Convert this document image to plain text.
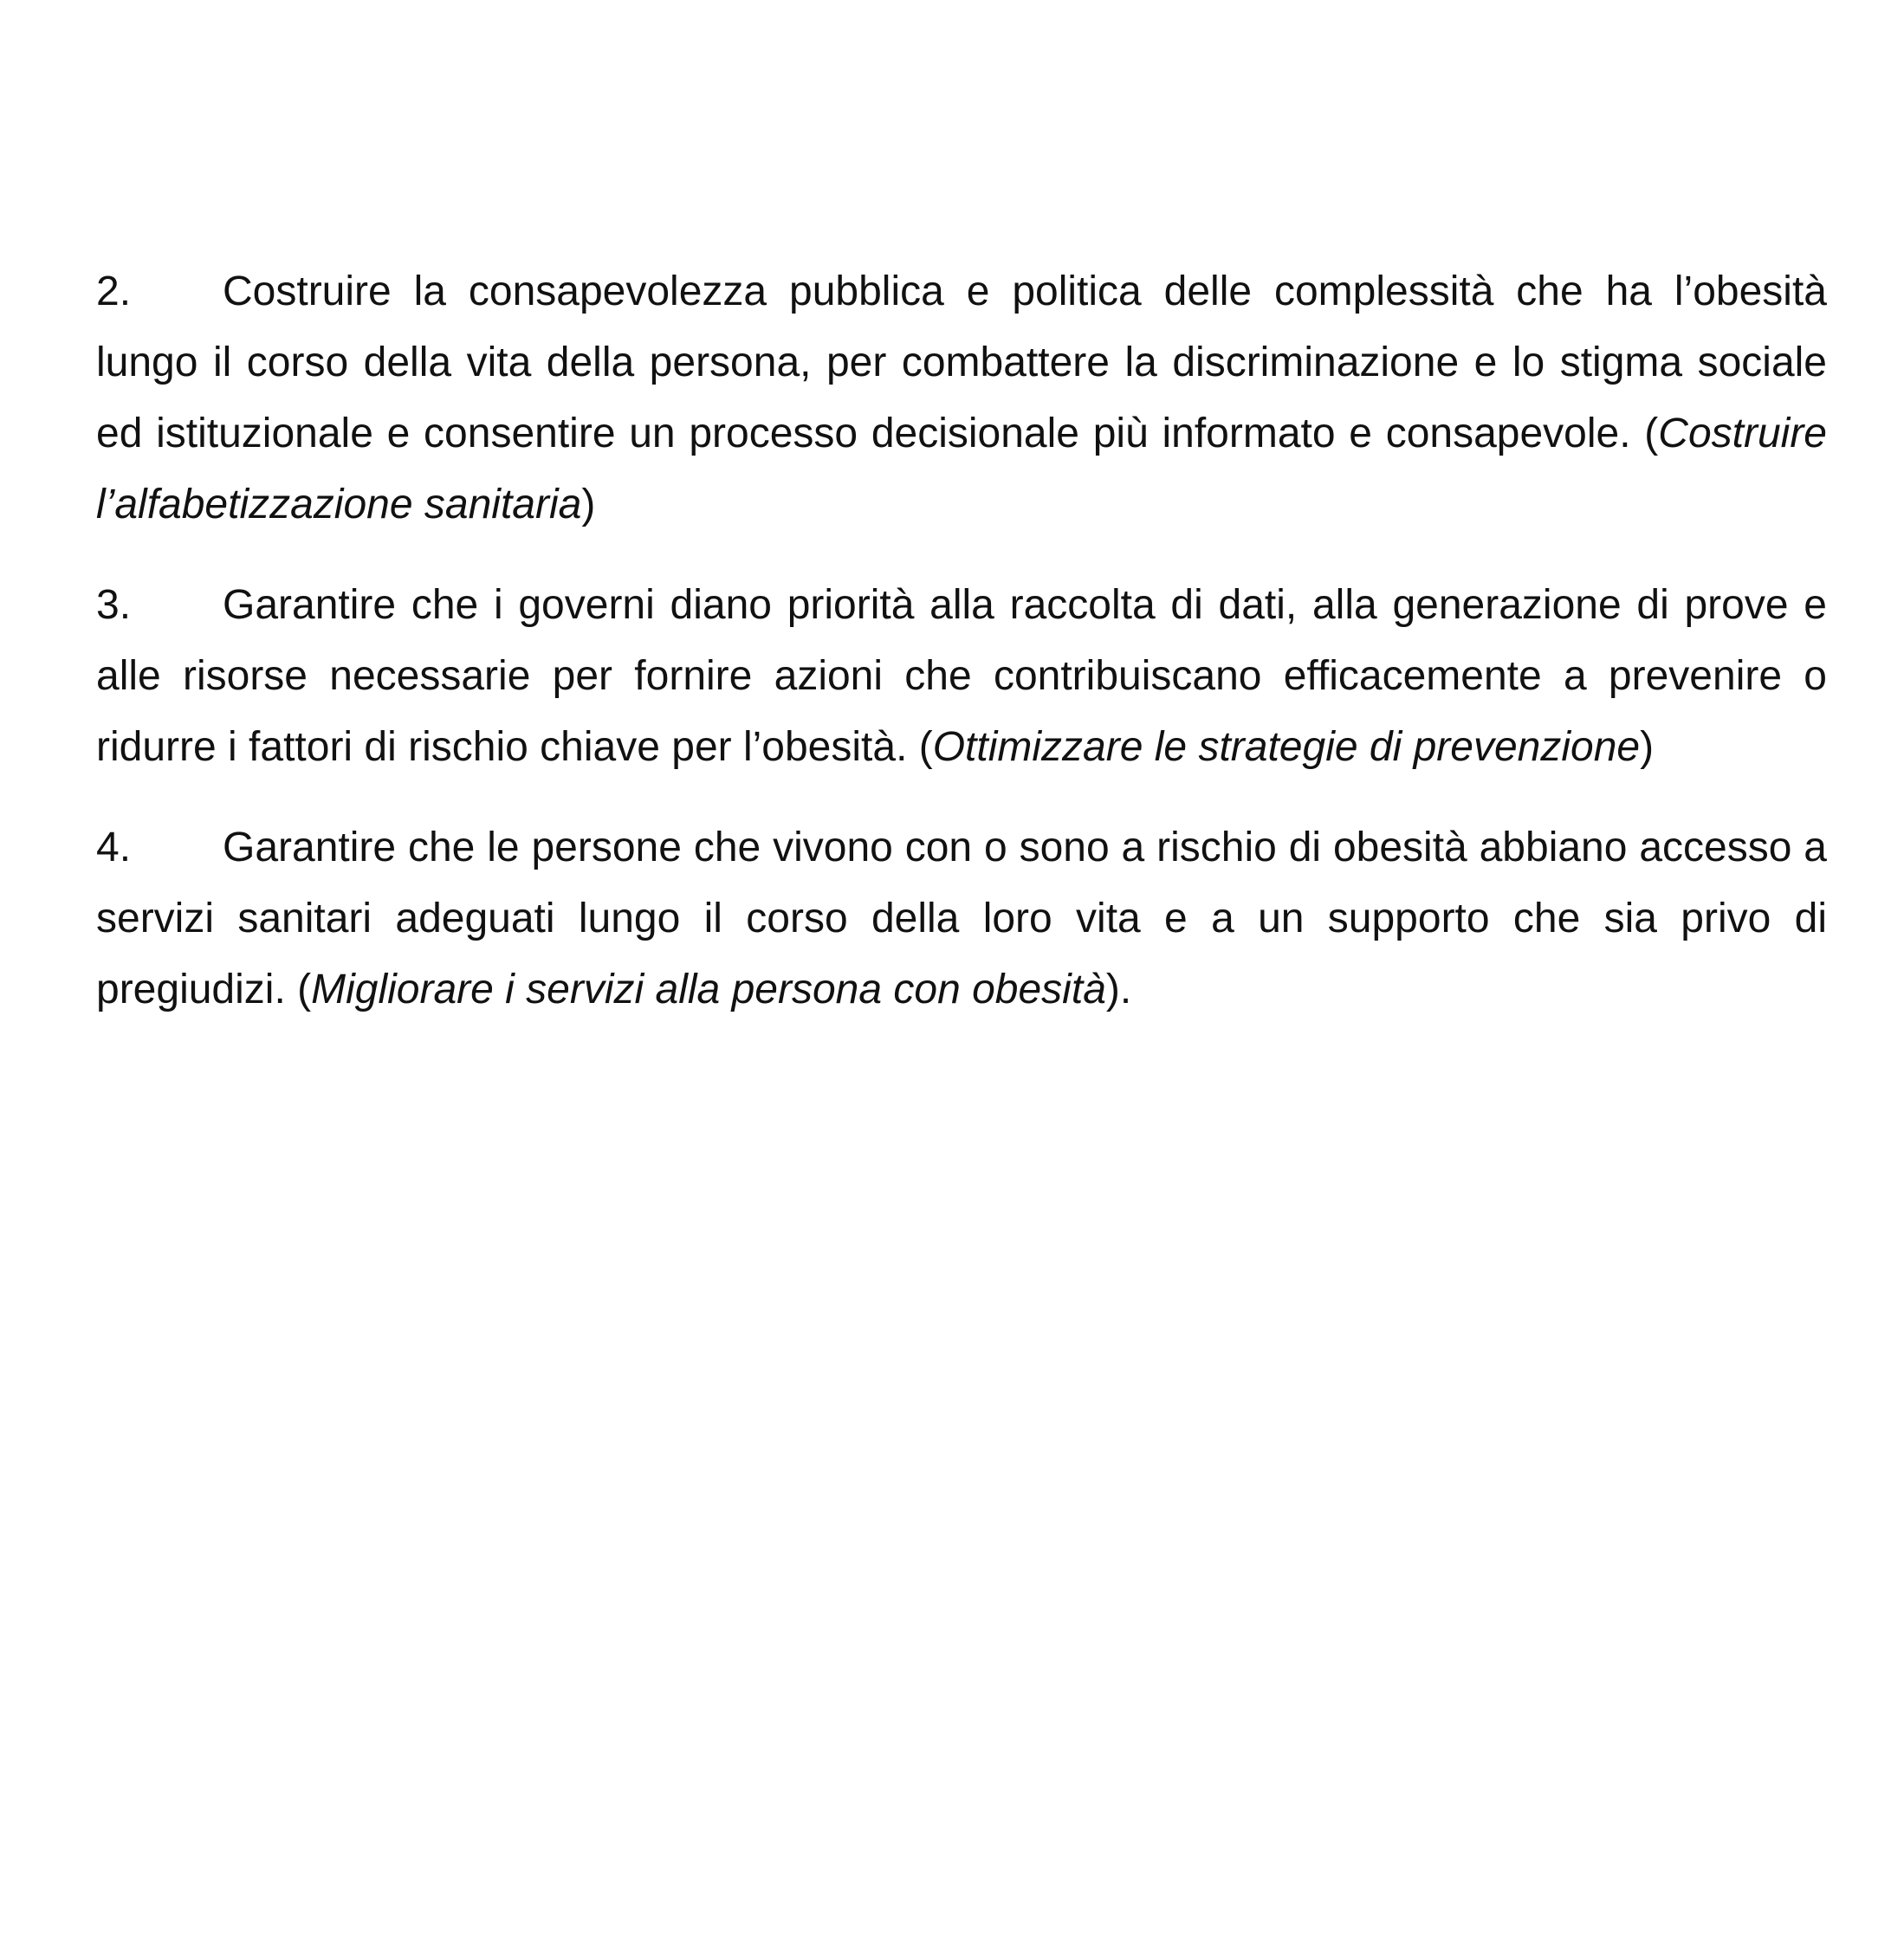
2. Costruire la consapevolezza pubblica e politica delle complessità che ha l’obesità lungo il corso della vita della persona, per combattere la discriminazione e lo stigma sociale ed istituzionale e consentire un processo decisionale più informato e consapevole. (Costruire l’alfabetizzazione sanitaria)

3. Garantire che i governi diano priorità alla raccolta di dati, alla generazione di prove e alle risorse necessarie per fornire azioni che contribuiscano efficacemente a prevenire o ridurre i fattori di rischio chiave per l’obesità. (Ottimizzare le strategie di prevenzione)

4. Garantire che le persone che vivono con o sono a rischio di obesità abbiano accesso a servizi sanitari adeguati lungo il corso della loro vita e a un supporto che sia privo di pregiudizi. (Migliorare i servizi alla persona con obesità).
